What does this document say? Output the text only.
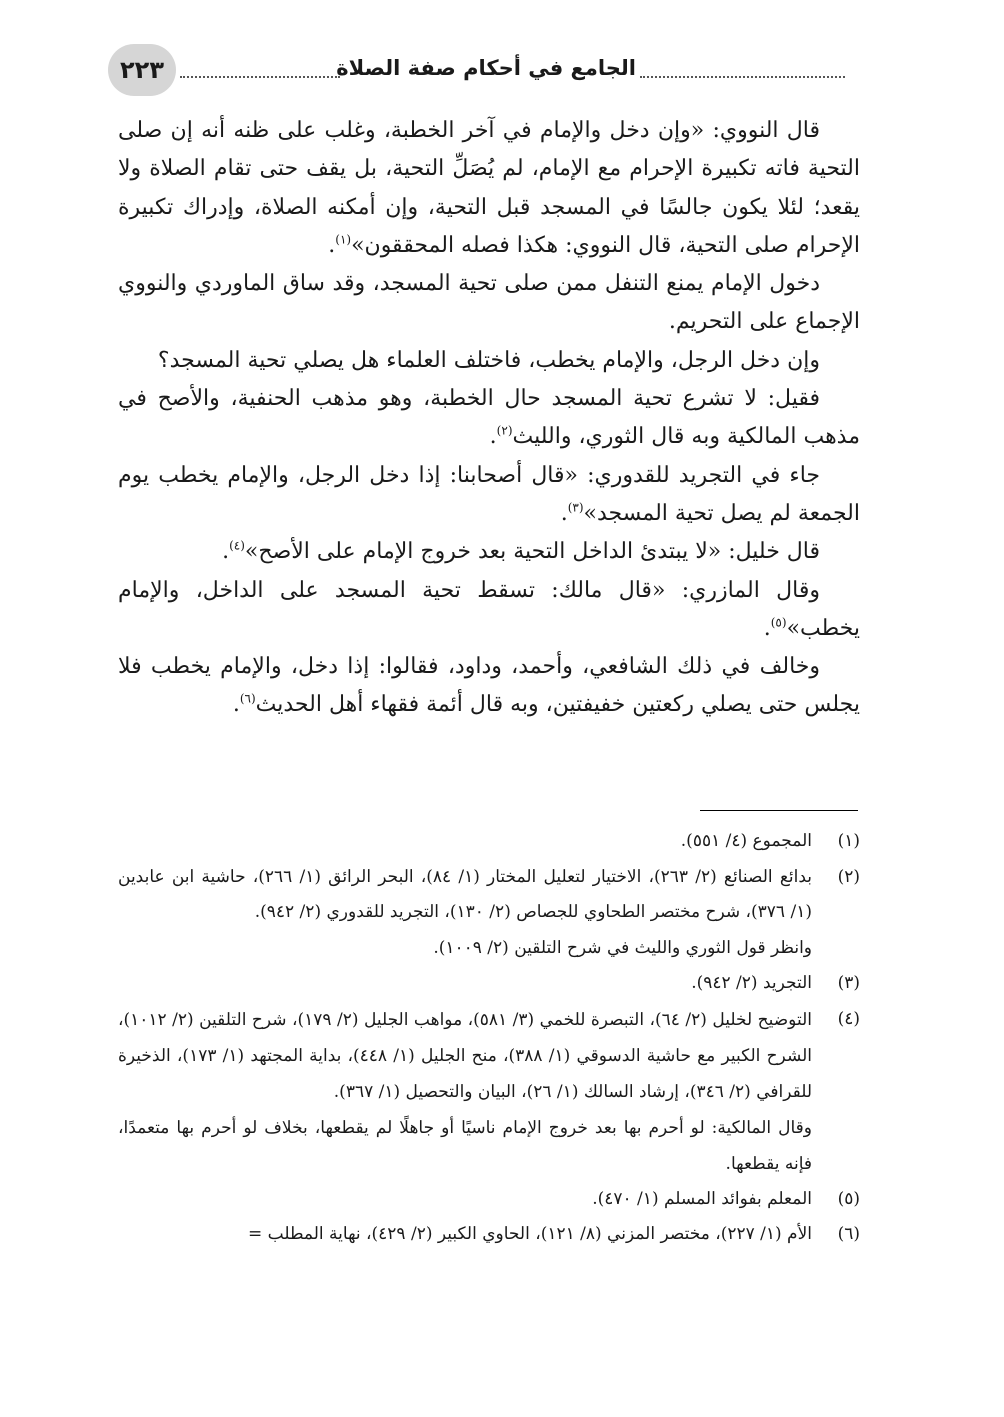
٢٢٣	الجامع في أحكام صفة الصلاة

قال النووي: «وإن دخل والإمام في آخر الخطبة، وغلب على ظنه أنه إن صلى التحية فاته تكبيرة الإحرام مع الإمام، لم يُصَلِّ التحية، بل يقف حتى تقام الصلاة ولا يقعد؛ لئلا يكون جالسًا في المسجد قبل التحية، وإن أمكنه الصلاة، وإدراك تكبيرة الإحرام صلى التحية، قال النووي: هكذا فصله المحققون»$^{(١)}$.

دخول الإمام يمنع التنفل ممن صلى تحية المسجد، وقد ساق الماوردي والنووي الإجماع على التحريم.

وإن دخل الرجل، والإمام يخطب، فاختلف العلماء هل يصلي تحية المسجد؟

فقيل: لا تشرع تحية المسجد حال الخطبة، وهو مذهب الحنفية، والأصح في مذهب المالكية وبه قال الثوري، والليث$^{(٢)}$.

جاء في التجريد للقدوري: «قال أصحابنا: إذا دخل الرجل، والإمام يخطب يوم الجمعة لم يصل تحية المسجد»$^{(٣)}$.

قال خليل: «لا يبتدئ الداخل التحية بعد خروج الإمام على الأصح»$^{(٤)}$.

وقال المازري: «قال مالك: تسقط تحية المسجد على الداخل، والإمام يخطب»$^{(٥)}$.

وخالف في ذلك الشافعي، وأحمد، وداود، فقالوا: إذا دخل، والإمام يخطب فلا يجلس حتى يصلي ركعتين خفيفتين، وبه قال أئمة فقهاء أهل الحديث$^{(٦)}$.

(١)

المجموع (٤/ ٥٥١).

(٢)

بدائع الصنائع (٢/ ٢٦٣)، الاختيار لتعليل المختار (١/ ٨٤)، البحر الرائق (١/ ٢٦٦)، حاشية ابن عابدين (١/ ٣٧٦)، شرح مختصر الطحاوي للجصاص (٢/ ١٣٠)، التجريد للقدوري (٢/ ٩٤٢).

وانظر قول الثوري والليث في شرح التلقين (٢/ ١٠٠٩).

(٣)

التجريد (٢/ ٩٤٢).

(٤)

التوضيح لخليل (٢/ ٦٤)، التبصرة للخمي (٣/ ٥٨١)، مواهب الجليل (٢/ ١٧٩)، شرح التلقين (٢/ ١٠١٢)، الشرح الكبير مع حاشية الدسوقي (١/ ٣٨٨)، منح الجليل (١/ ٤٤٨)، بداية المجتهد (١/ ١٧٣)، الذخيرة للقرافي (٢/ ٣٤٦)، إرشاد السالك (١/ ٢٦)، البيان والتحصيل (١/ ٣٦٧).

وقال المالكية: لو أحرم بها بعد خروج الإمام ناسيًا أو جاهلًا لم يقطعها، بخلاف لو أحرم بها متعمدًا، فإنه يقطعها.

(٥)

المعلم بفوائد المسلم (١/ ٤٧٠).

(٦)

الأم (١/ ٢٢٧)، مختصر المزني (٨/ ١٢١)، الحاوي الكبير (٢/ ٤٢٩)، نهاية المطلب =
